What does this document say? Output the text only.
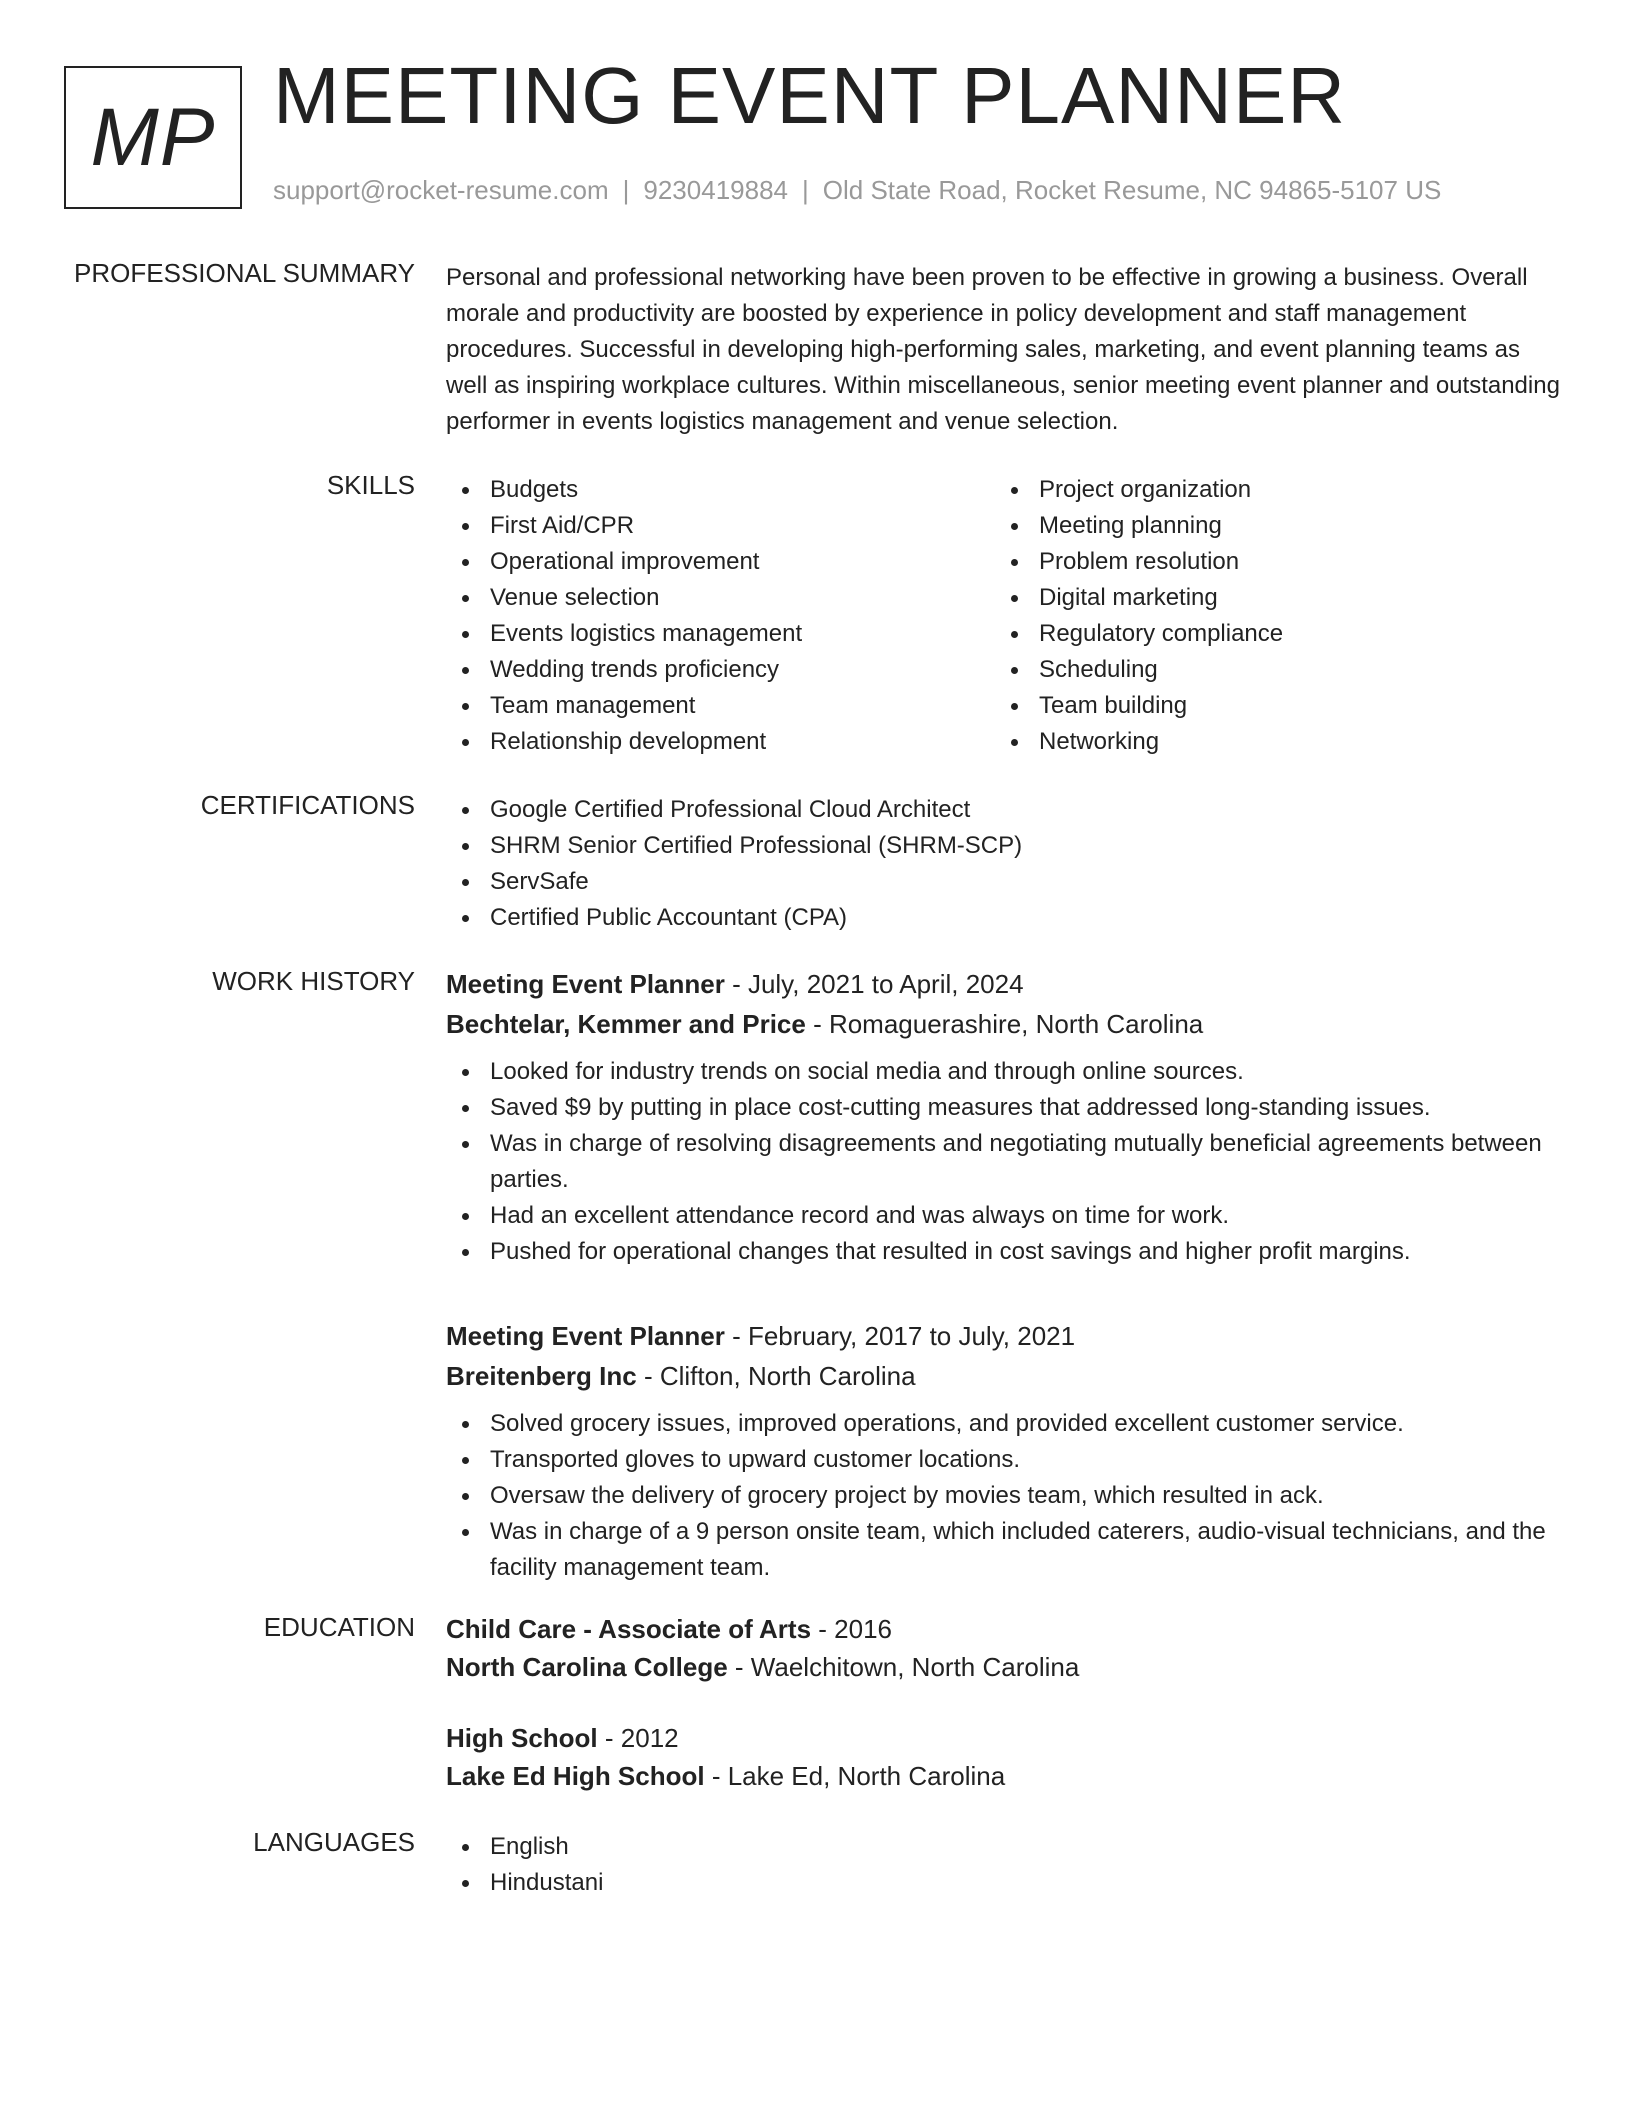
MP MEETING EVENT PLANNER
support@rocket-resume.com | 9230419884 | Old State Road, Rocket Resume, NC 94865-5107 US
PROFESSIONAL SUMMARY Personal and professional networking have been proven to be effective in growing a business. Overall morale and productivity are boosted by experience in policy development and staff management procedures. Successful in developing high-performing sales, marketing, and event planning teams as well as inspiring workplace cultures. Within miscellaneous, senior meeting event planner and outstanding performer in events logistics management and venue selection.

SKILLS	Budgets
First Aid/CPR
Operational improvement
Venue selection
Events logistics management
Wedding trends proficiency
Team management
Relationship development
Project organization
Meeting planning
Problem resolution
Digital marketing
Regulatory compliance
Scheduling
Team building
Networking
CERTIFICATIONS	Google Certified Professional Cloud Architect
SHRM Senior Certified Professional (SHRM-SCP)
ServSafe
Certified Public Accountant (CPA)
WORK HISTORY Meeting Event Planner - July, 2021 to April, 2024
Bechtelar, Kemmer and Price - Romaguerashire, North Carolina
Looked for industry trends on social media and through online sources.
Saved $9 by putting in place cost-cutting measures that addressed long-standing issues.
Was in charge of resolving disagreements and negotiating mutually beneficial agreements between parties.
Had an excellent attendance record and was always on time for work.
Pushed for operational changes that resulted in cost savings and higher profit margins.
Meeting Event Planner - February, 2017 to July, 2021
Breitenberg Inc - Clifton, North Carolina
Solved grocery issues, improved operations, and provided excellent customer service.
Transported gloves to upward customer locations.
Oversaw the delivery of grocery project by movies team, which resulted in ack.
Was in charge of a 9 person onsite team, which included caterers, audio-visual technicians, and the facility management team.
EDUCATION Child Care - Associate of Arts - 2016
North Carolina College - Waelchitown, North Carolina
High School - 2012
Lake Ed High School - Lake Ed, North Carolina
LANGUAGES	English
Hindustani
